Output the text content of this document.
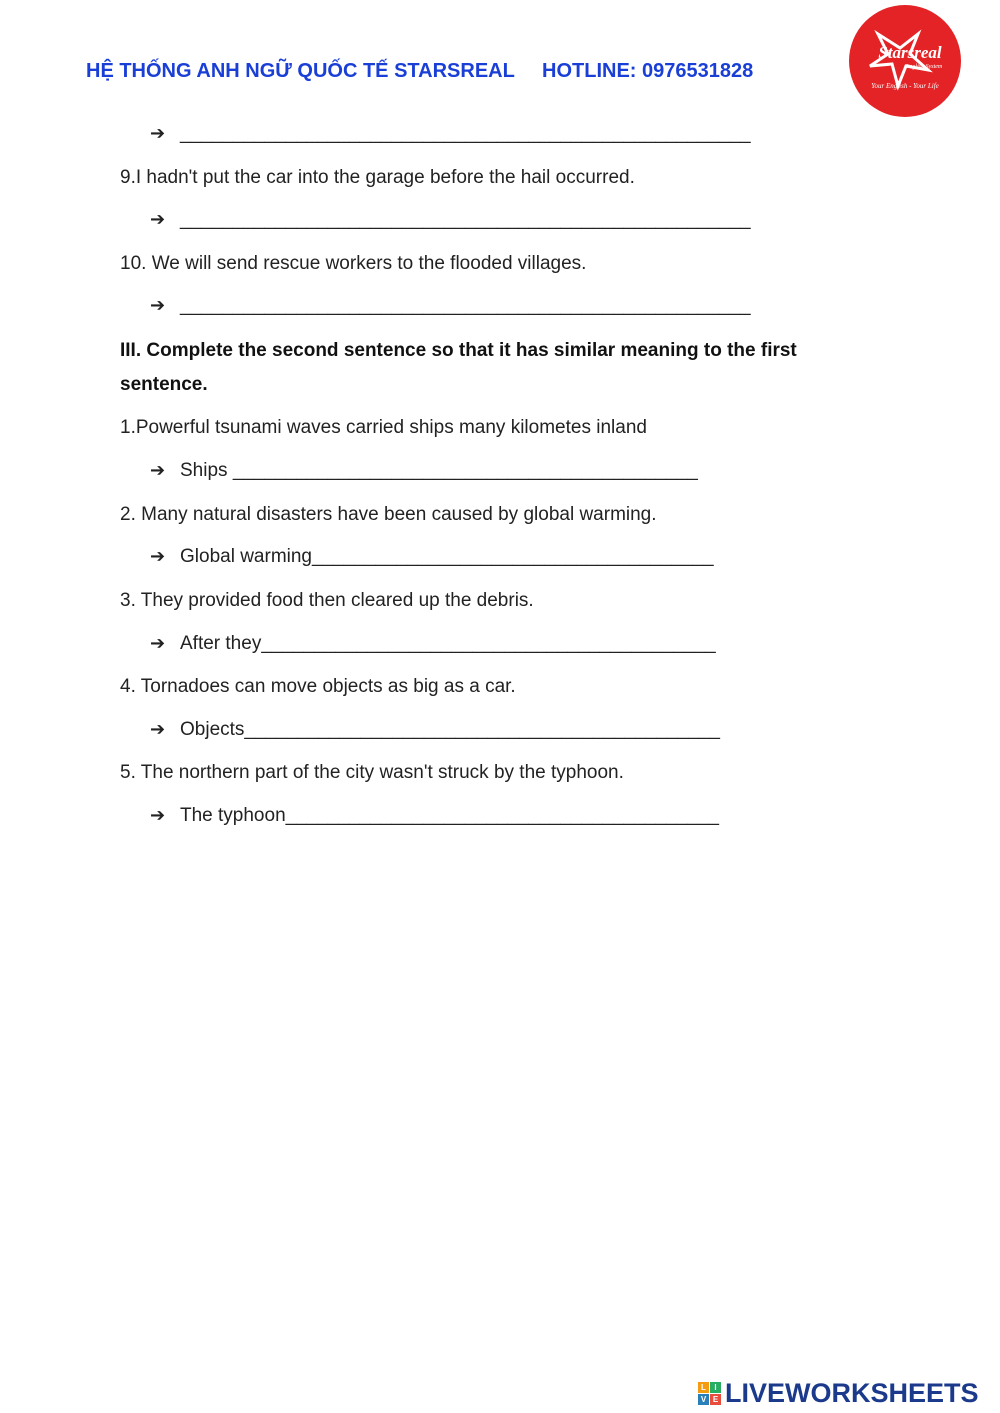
HỆ THỐNG ANH NGỮ QUỐC TẾ STARSREAL HOTLINE: 0976531828
Starsreal
English System
Your English - Your Life
➔ ______________________________________________________
9.I hadn't put the car into the garage before the hail occurred.
➔ ______________________________________________________
10. We will send rescue workers to the flooded villages.
➔ ______________________________________________________
III. Complete the second sentence so that it has similar meaning to the first
sentence.
1.Powerful tsunami waves carried ships many kilometes inland
➔ Ships ____________________________________________
2. Many natural disasters have been caused by global warming.
➔ Global warming______________________________________
3. They provided food then cleared up the debris.
➔ After they___________________________________________
4. Tornadoes can move objects as big as a car.
➔ Objects_____________________________________________
5. The northern part of the city wasn't struck by the typhoon.
➔ The typhoon_________________________________________
L	I
V E LIVEWORKSHEETS
